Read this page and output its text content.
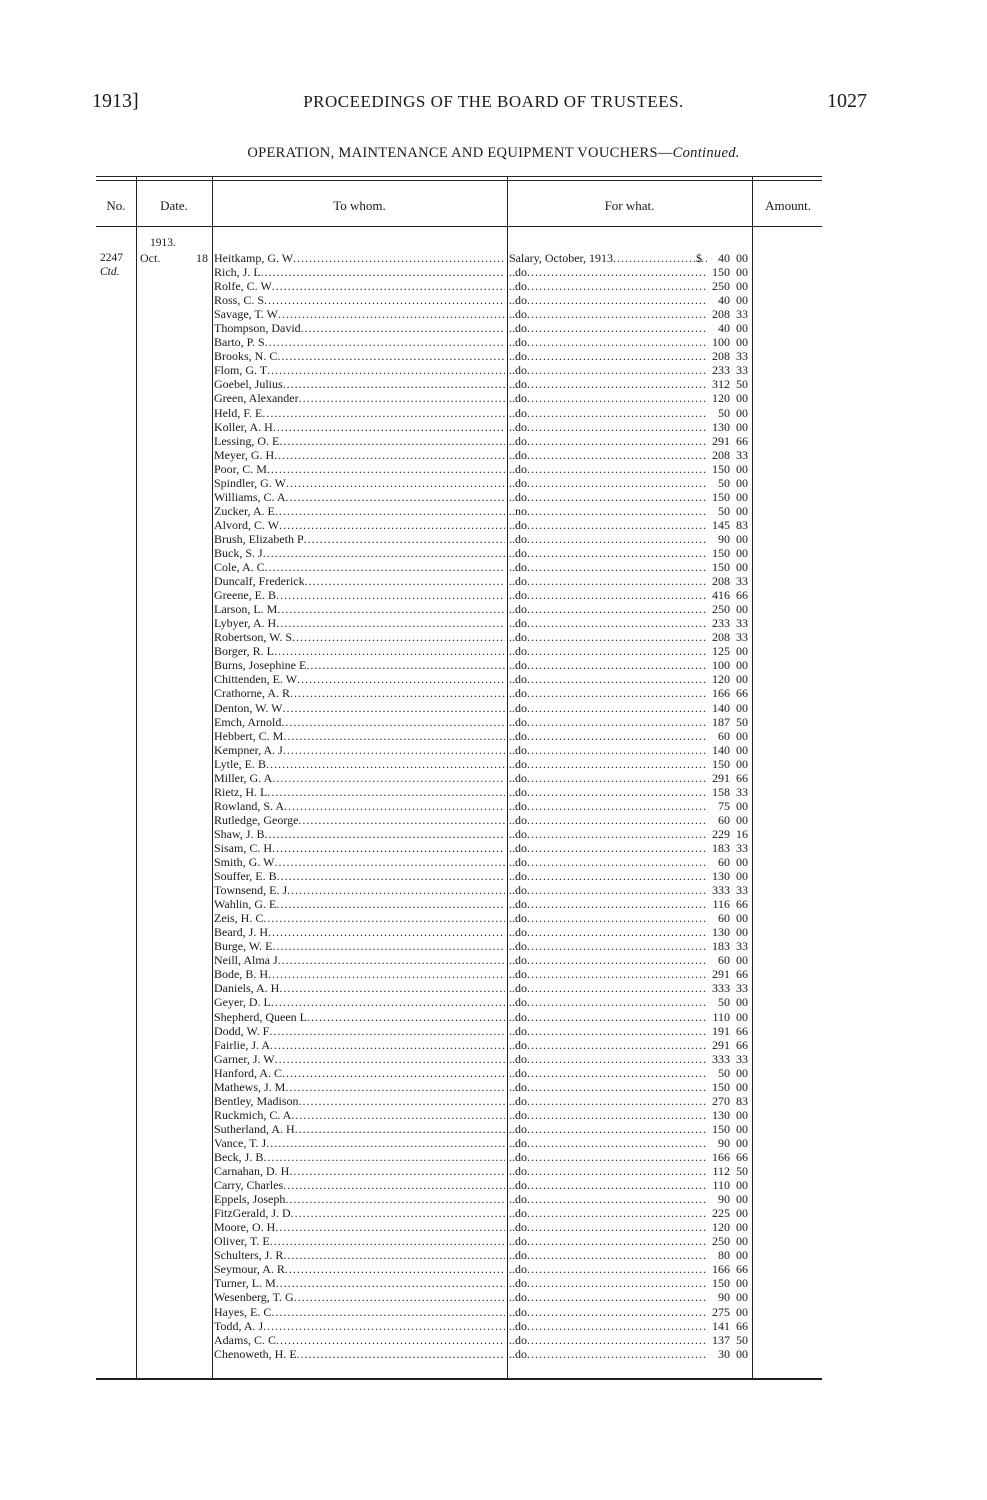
1913]	PROCEEDINGS OF THE BOARD OF TRUSTEES.	1027
OPERATION, MAINTENANCE AND EQUIPMENT VOUCHERS—Continued.
No.	Date.	To whom.	For what.	Amount.
1913.
2247
Ctd.
Oct.	18 Heitkamp, G. W .....	Salary, October, 1913 .....	$	40 00
Rich, J. L .....	..do .....	150 00
Rolfe, C. W .....	..do .....	250 00
Ross, C. S .....	..do .....	40 00
Savage, T. W .....	..do .....	208 33
Thompson, David .....	..do .....	40 00
Barto, P. S .....	..do .....	100 00
Brooks, N. C .....	..do .....	208 33
Flom, G. T .....	..do .....	233 33
Goebel, Julius .....	..do .....	312 50
Green, Alexander .....	..do .....	120 00
Held, F. E .....	..do .....	50 00
Koller, A. H .....	..do .....	130 00
Lessing, O. E .....	..do .....	291 66
Meyer, G. H .....	..do .....	208 33
Poor, C. M .....	..do .....	150 00
Spindler, G. W .....	..do .....	50 00
Williams, C. A .....	..do .....	150 00
Zucker, A. E .....	..no .....	50 00
Alvord, C. W .....	..do .....	145 83
Brush, Elizabeth P .....	..do .....	90 00
Buck, S. J .....	..do .....	150 00
Cole, A. C .....	..do .....	150 00
Duncalf, Frederick .....	..do .....	208 33
Greene, E. B .....	..do .....	416 66
Larson, L. M .....	..do .....	250 00
Lybyer, A. H .....	..do .....	233 33
Robertson, W. S .....	..do .....	208 33
Borger, R. L .....	..do .....	125 00
Burns, Josephine E .....	..do .....	100 00
Chittenden, E. W .....	..do .....	120 00
Crathorne, A. R .....	..do .....	166 66
Denton, W. W .....	..do .....	140 00
Emch, Arnold .....	..do .....	187 50
Hebbert, C. M .....	..do .....	60 00
Kempner, A. J .....	..do .....	140 00
Lytle, E. B .....	..do .....	150 00
Miller, G. A .....	..do .....	291 66
Rietz, H. L .....	..do .....	158 33
Rowland, S. A .....	..do .....	75 00
Rutledge, George .....	..do .....	60 00
Shaw, J. B .....	..do .....	229 16
Sisam, C. H .....	..do .....	183 33
Smith, G. W .....	..do .....	60 00
Souffer, E. B .....	..do .....	130 00
Townsend, E. J .....	..do .....	333 33
Wahlin, G. E .....	..do .....	116 66
Zeis, H. C .....	..do .....	60 00
Beard, J. H .....	..do .....	130 00
Burge, W. E .....	..do .....	183 33
Neill, Alma J .....	..do .....	60 00
Bode, B. H .....	..do .....	291 66
Daniels, A. H .....	..do .....	333 33
Geyer, D. L .....	..do .....	50 00
Shepherd, Queen L .....	..do .....	110 00
Dodd, W. F .....	..do .....	191 66
Fairlie, J. A .....	..do .....	291 66
Garner, J. W .....	..do .....	333 33
Hanford, A. C .....	..do .....	50 00
Mathews, J. M .....	..do .....	150 00
Bentley, Madison .....	..do .....	270 83
Ruckmich, C. A .....	..do .....	130 00
Sutherland, A. H .....	..do .....	150 00
Vance, T. J .....	..do .....	90 00
Beck, J. B .....	..do .....	166 66
Carnahan, D. H .....	..do .....	112 50
Carry, Charles .....	..do .....	110 00
Eppels, Joseph .....	..do .....	90 00
FitzGerald, J. D .....	..do .....	225 00
Moore, O. H .....	..do .....	120 00
Oliver, T. E .....	..do .....	250 00
Schulters, J. R .....	..do .....	80 00
Seymour, A. R .....	..do .....	166 66
Turner, L. M .....	..do .....	150 00
Wesenberg, T. G .....	..do .....	90 00
Hayes, E. C .....	..do .....	275 00
Todd, A. J .....	..do .....	141 66
Adams, C. C .....	..do .....	137 50
Chenoweth, H. E .....	..do .....	30 00
